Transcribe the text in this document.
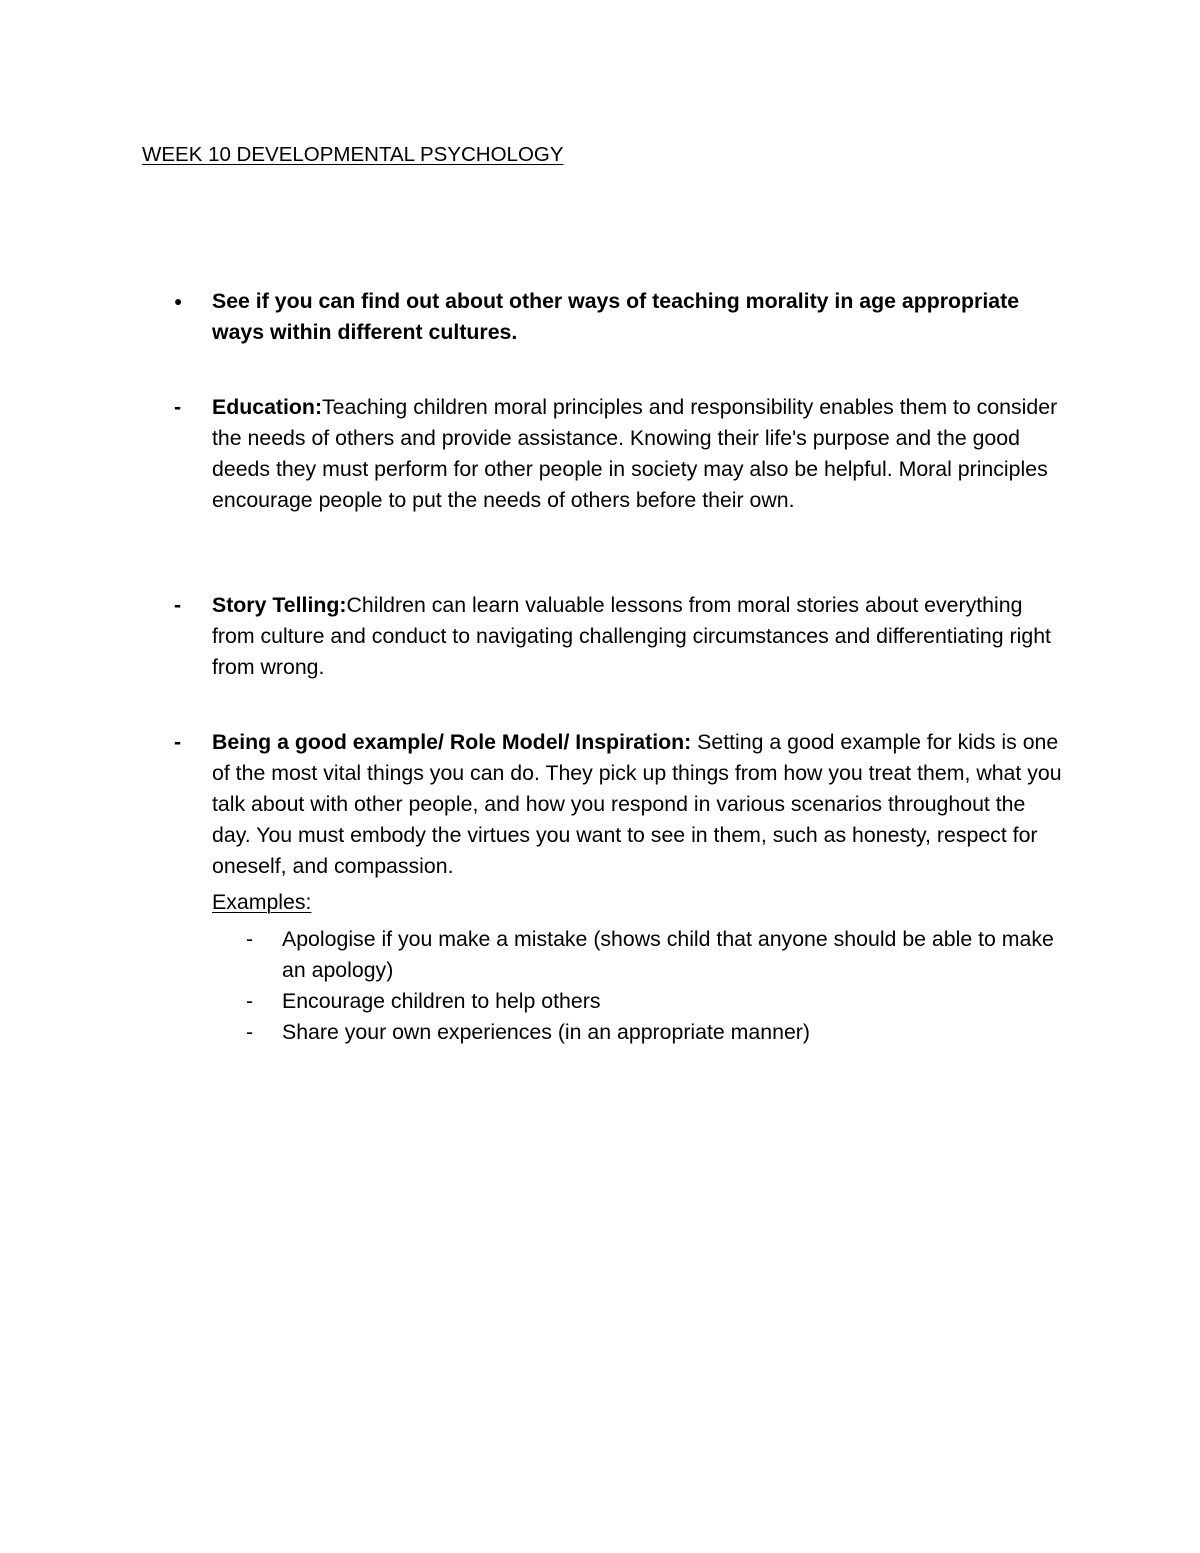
WEEK 10 DEVELOPMENTAL PSYCHOLOGY
●	See if you can find out about other ways of teaching morality in age appropriate ways within different cultures.
-	Education:Teaching children moral principles and responsibility enables them to consider the needs of others and provide assistance. Knowing their life's purpose and the good deeds they must perform for other people in society may also be helpful. Moral principles encourage people to put the needs of others before their own.
-	Story Telling:Children can learn valuable lessons from moral stories about everything from culture and conduct to navigating challenging circumstances and differentiating right from wrong.
-	Being a good example/ Role Model/ Inspiration: Setting a good example for kids is one of the most vital things you can do. They pick up things from how you treat them, what you talk about with other people, and how you respond in various scenarios throughout the day. You must embody the virtues you want to see in them, such as honesty, respect for oneself, and compassion.
Examples:
- Apologise if you make a mistake (shows child that anyone should be able to make an apology)
- Encourage children to help others
- Share your own experiences (in an appropriate manner)
